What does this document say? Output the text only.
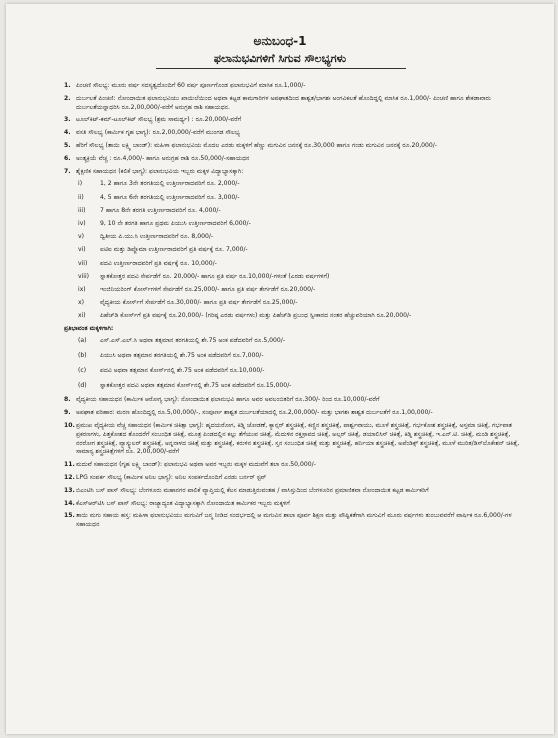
ಅನುಬಂಧ-1
ಫಲಾನುಭವಿಗಳಿಗೆ ಸಿಗುವ ಸೌಲಭ್ಯಗಳು
1. ಪಿಂಚಣಿ ಸೌಲಭ್ಯ: ಮೂರು ವರ್ಷ ಸದಸ್ಯತ್ವದೊಂದಿಗೆ 60 ವರ್ಷ ಪೂರ್ಣಗೊಂಡ ಫಲಾನುಭವಿಗೆ ಮಾಸಿಕ ರೂ.1,000/-
2. ದುರ್ಬಲತೆ ಪಿಂಚಣಿ: ನೋಂದಾಯಿತ ಫಲಾನುಭವಿಯು ಖಾಯಿಲೆಯಿಂದ ಅಥವಾ ಕಟ್ಟಡ ಕಾಮಗಾರಿಗಳ ಅಪಘಾತದಿಂದ ಶಾಶ್ವತ/ಭಾಗಶಃ ಅಂಗವಿಕಲತೆ ಹೊಂದಿದ್ದಲ್ಲಿ ಮಾಸಿಕ ರೂ.1,000/- ಪಿಂಚಣಿ ಹಾಗೂ ಶೇಕಡಾವಾರು ದುರ್ಬಲತೆಯನ್ನಾಧರಿಸಿ ರೂ.2,00,000/-ವರೆಗೆ ಅನುಗ್ರಹ ರಾಶಿ ಸಹಾಯಧನ.
3. ಟೂಲ್‌ಕಿಟ್-ಕಮ್-ಟೂಲ್‌ಕಿಟ್ ಸೌಲಭ್ಯ (ಶ್ರಮ ಸಾಮರ್ಥ್ಯ) : ರೂ.20,000/-ವರೆಗೆ
4. ವಸತಿ ಸೌಲಭ್ಯ (ಕಾರ್ಮಿಕ ಗೃಹ ಭಾಗ್ಯ): ರೂ.2,00,000/-ವರೆಗೆ ಮುಂಗಡ ಸೌಲಭ್ಯ
5. ಹೆರಿಗೆ ಸೌಲಭ್ಯ (ತಾಯಿ ಲಕ್ಷ್ಮಿ ಬಾಂಡ್): ಮಹಿಳಾ ಫಲಾನುಭವಿಯ ಮೊದಲ ಎರಡು ಮಕ್ಕಳಿಗೆ ಹೆಣ್ಣು ಮಗುವಿನ ಜನನಕ್ಕೆ ರೂ.30,000 ಹಾಗೂ ಗಂಡು ಮಗುವಿನ ಜನನಕ್ಕೆ ರೂ.20,000/-
6. ಅಂತ್ಯಕ್ರಿಯೆ ವೆಚ್ಚ : ರೂ.4,000/- ಹಾಗೂ ಅನುಗ್ರಹ ರಾಶಿ ರೂ.50,000/-ಸಹಾಯಧನ
7. ಶೈಕ್ಷಣಿಕ ಸಹಾಯಧನ (ಕಲಿಕೆ ಭಾಗ್ಯ): ಫಲಾನುಭವಿಯ ಇಬ್ಬರು ಮಕ್ಕಳ ವಿದ್ಯಾಭ್ಯಾಸಕ್ಕಾಗಿ:
i)	1, 2 ಹಾಗೂ 3ನೇ ತರಗತಿಯಲ್ಲಿ ಉತ್ತೀರ್ಣರಾದವರಿಗೆ ರೂ. 2,000/-
ii)	4, 5 ಹಾಗೂ 6ನೇ ತರಗತಿಯಲ್ಲಿ ಉತ್ತೀರ್ಣರಾದವರಿಗೆ ರೂ. 3,000/-
iii)	7 ಹಾಗೂ 8ನೇ ತರಗತಿ ಉತ್ತೀರ್ಣರಾದವರಿಗೆ ರೂ. 4,000/-
iv)	9, 10 ನೇ ತರಗತಿ ಹಾಗೂ ಪ್ರಥಮ ಪಿಯುಸಿ ಉತ್ತೀರ್ಣರಾದವರಿಗೆ 6,000/-
v)	ದ್ವಿತೀಯ ಪಿ.ಯು.ಸಿ ಉತ್ತೀರ್ಣರಾದವರಿಗೆ ರೂ. 8,000/-
vi)	ಐಟಿಐ ಮತ್ತು ಡಿಪ್ಲೊಮಾ ಉತ್ತೀರ್ಣರಾದವರಿಗೆ ಪ್ರತಿ ವರ್ಷಕ್ಕೆ ರೂ. 7,000/-
vii)	ಪದವಿ ಉತ್ತೀರ್ಣರಾದವರಿಗೆ ಪ್ರತಿ ವರ್ಷಕ್ಕೆ ರೂ. 10,000/-
viii)	ಸ್ನಾತಕೋತ್ತರ ಪದವಿ ಸೇರ್ಪಡೆಗೆ ರೂ. 20,000/- ಹಾಗೂ ಪ್ರತಿ ವರ್ಷ ರೂ.10,000/-ಗಳಂತೆ (ಎರಡು ವರ್ಷಗಳಿಗೆ)
ix)	ಇಂಜಿನಿಯರಿಂಗ್ ಕೋರ್ಸ್‌ಗಳಿಗೆ ಸೇರ್ಪಡೆಗೆ ರೂ.25,000/- ಹಾಗೂ ಪ್ರತಿ ವರ್ಷ ತೇರ್ಗಡೆಗೆ ರೂ.20,000/-
x)	ವೈದ್ಯಕೀಯ ಕೋರ್ಸ್‌ಗೆ ಸೇರ್ಪಡೆಗೆ ರೂ.30,000/- ಹಾಗೂ ಪ್ರತಿ ವರ್ಷ ತೇರ್ಗಡೆಗೆ ರೂ.25,000/-
xi)	ಪಿಹೆಚ್‌ಡಿ ಕೋರ್ಸ್‌ಗೆ ಪ್ರತಿ ವರ್ಷಕ್ಕೆ ರೂ.20,000/- (ಗರಿಷ್ಠ ಎರಡು ವರ್ಷಗಳು) ಮತ್ತು ಪಿಹೆಚ್‌ಡಿ ಪ್ರಬಂಧ ಸ್ವೀಕಾರದ ನಂತರ ಹೆಚ್ಚುವರಿಯಾಗಿ ರೂ.20,000/-
ಪ್ರತಿಭಾವಂತ ಮಕ್ಕಳಿಗಾಗಿ:
(a)	ಎಸ್.ಎಸ್.ಎಲ್.ಸಿ ಅಥವಾ ತತ್ಸಮಾನ ತರಗತಿಯಲ್ಲಿ ಶೇ.75 ಅಂಕ ಪಡೆದವರಿಗೆ ರೂ.5,000/-
(b)	ಪಿಯುಸಿ ಅಥವಾ ತತ್ಸಮಾನ ತರಗತಿಯಲ್ಲಿ ಶೇ.75 ಅಂಕ ಪಡೆದವರಿಗೆ ರೂ.7,000/-
(c)	ಪದವಿ ಅಥವಾ ತತ್ಸಮಾನ ಕೋರ್ಸ್‌ನಲ್ಲಿ ಶೇ.75 ಅಂಕ ಪಡೆದವರಿಗೆ ರೂ.10,000/-
(d)	ಸ್ನಾತಕೋತ್ತರ ಪದವಿ ಅಥವಾ ತತ್ಸಮಾನ ಕೋರ್ಸ್‌ನಲ್ಲಿ ಶೇ.75 ಅಂಕ ಪಡೆದವರಿಗೆ ರೂ.15,000/-
8. ವೈದ್ಯಕೀಯ ಸಹಾಯಧನ (ಕಾರ್ಮಿಕ ಆರೋಗ್ಯ ಭಾಗ್ಯ): ನೋಂದಾಯಿತ ಫಲಾನುಭವಿ ಹಾಗೂ ಅವರ ಅವಲಂಬಿತರಿಗೆ ರೂ.300/- ರಿಂದ ರೂ.10,000/-ವರೆಗೆ
9. ಅಪಘಾತ ಪರಿಹಾರ: ಮರಣ ಹೊಂದಿದ್ದಲ್ಲಿ ರೂ.5,00,000/-, ಸಂಪೂರ್ಣ ಶಾಶ್ವತ ದುರ್ಬಲತೆಯಾದಲ್ಲಿ ರೂ.2,00,000/- ಮತ್ತು ಭಾಗಶಃ ಶಾಶ್ವತ ದುರ್ಬಲತೆಗೆ ರೂ.1,00,000/-
10. ಪ್ರಮುಖ ವೈದ್ಯಕೀಯ ವೆಚ್ಚ ಸಹಾಯಧನ (ಕಾರ್ಮಿಕ ಚಿಕಿತ್ಸಾ ಭಾಗ್ಯ): ಹೃದಯರೋಗ, ಕಿಡ್ನಿ ಜೋಡಣೆ, ಕ್ಯಾನ್ಸರ್ ಶಸ್ತ್ರಚಿಕಿತ್ಸೆ, ಕಣ್ಣಿನ ಶಸ್ತ್ರಚಿಕಿತ್ಸೆ, ಪಾರ್ಶ್ವವಾಯು, ಮೂಳೆ ಶಸ್ತ್ರಚಿಕಿತ್ಸೆ, ಗರ್ಭಕೋಶ ಶಸ್ತ್ರಚಿಕಿತ್ಸೆ, ಅಸ್ತಮಾ ಚಿಕಿತ್ಸೆ, ಗರ್ಭಪಾತ ಪ್ರಕರಣಗಳು, ಪಿತ್ತಕೋಶದ ತೊಂದರೆಗೆ ಸಂಬಂಧಿತ ಚಿಕಿತ್ಸೆ, ಮೂತ್ರ ಪಿಂಡದಲ್ಲಿನ ಕಲ್ಲು ತೆಗೆಯುವ ಚಿಕಿತ್ಸೆ, ಮೆದುಳಿನ ರಕ್ತಸ್ರಾವದ ಚಿಕಿತ್ಸೆ, ಅಲ್ಸರ್ ಚಿಕಿತ್ಸೆ, ಡಯಾಲಿಸಿಸ್ ಚಿಕಿತ್ಸೆ, ಕಿಡ್ನಿ ಶಸ್ತ್ರಚಿಕಿತ್ಸೆ, ಇ.ಎನ್.ಟಿ. ಚಿಕಿತ್ಸೆ, ಮಂಡಿ ಶಸ್ತ್ರಚಿಕಿತ್ಸೆ, ನರರೋಗ ಶಸ್ತ್ರಚಿಕಿತ್ಸೆ, ವ್ಯಾಸ್ಕ್ಯುಲರ್ ಶಸ್ತ್ರಚಿಕಿತ್ಸೆ, ಅನ್ನನಾಳದ ಚಿಕಿತ್ಸೆ ಮತ್ತು ಶಸ್ತ್ರಚಿಕಿತ್ಸೆ, ಕರುಳಿನ ಶಸ್ತ್ರಚಿಕಿತ್ಸೆ, ಸ್ತನ ಸಂಬಂಧಿತ ಚಿಕಿತ್ಸೆ ಮತ್ತು ಶಸ್ತ್ರಚಿಕಿತ್ಸೆ, ಹರ್ನಿಯಾ ಶಸ್ತ್ರಚಿಕಿತ್ಸೆ, ಅಪೆಂಡಿಕ್ಸ್ ಶಸ್ತ್ರಚಿಕಿತ್ಸೆ, ಮೂಳೆ ಮುರಿತ/ಡಿಸ್‌ಲೊಕೇಶನ್ ಚಿಕಿತ್ಸೆ, ಸಾಮಾನ್ಯ ಶಸ್ತ್ರಚಿಕಿತ್ಸೆಗಳಿಗೆ ರೂ. 2,00,000/-ವರೆಗೆ
11. ಮದುವೆ ಸಹಾಯಧನ (ಗೃಹ ಲಕ್ಷ್ಮಿ ಬಾಂಡ್): ಫಲಾನುಭವಿ ಅಥವಾ ಅವರ ಇಬ್ಬರು ಮಕ್ಕಳ ಮದುವೆಗೆ ತಲಾ ರೂ.50,000/-
12. LPG ಸಂಪರ್ಕ ಸೌಲಭ್ಯ (ಕಾರ್ಮಿಕ ಅನಿಲ ಭಾಗ್ಯ): ಅನಿಲ ಸಂಪರ್ಕದೊಂದಿಗೆ ಎರಡು ಬರ್ನರ್ ಸ್ಟವ್
13. ಬಿಎಂಟಿಸಿ ಬಸ್ ಪಾಸ್ ಸೌಲಭ್ಯ: ಬೆಂಗಳೂರು ಮಹಾನಗರ ಪಾಲಿಕೆ ವ್ಯಾಪ್ತಿಯಲ್ಲಿ ಕೆಲಸ ಮಾಡುತ್ತಿರುವಂತಹ / ವಾಸಿಸ್ತುದಿಂದ ಬೆಂಗಳೂರಿನ ಪ್ರಮಾಣಿತವಾ ನೋಂದಾಯಿತ ಕಟ್ಟಡ ಕಾರ್ಮಿಕರಿಗೆ
14. ಕೆಎಸ್‌ಆರ್‌ಟಿಸಿ ಬಸ್ ಪಾಸ್ ಸೌಲಭ್ಯ: ರಾಜ್ಯಾದ್ಯಂತ ವಿದ್ಯಾಭ್ಯಾಸಕ್ಕಾಗಿ ನೋಂದಾಯಿತ ಕಾರ್ಮಿಕರ ಇಬ್ಬರು ಮಕ್ಕಳಿಗೆ
15. ತಾಯಿ ಮಗು ಸಹಾಯ ಹಸ್ತ: ಮಹಿಳಾ ಫಲಾನುಭವಿಯು ಮಗುವಿಗೆ ಜನ್ಮ ನೀಡಿದ ಸಂದರ್ಭದಲ್ಲಿ ಆ ಮಗುವಿನ ಶಾಲಾ ಪೂರ್ವ ಶಿಕ್ಷಣ ಮತ್ತು ಪೌಷ್ಟಿಕತೆಗಾಗಿ ಮಗುವಿಗೆ ಮೂರು ವರ್ಷಗಳು ತುಂಬುವವರೆಗೆ ವಾರ್ಷಿಕ ರೂ.6,000/-ಗಳ ಸಹಾಯಧನ
